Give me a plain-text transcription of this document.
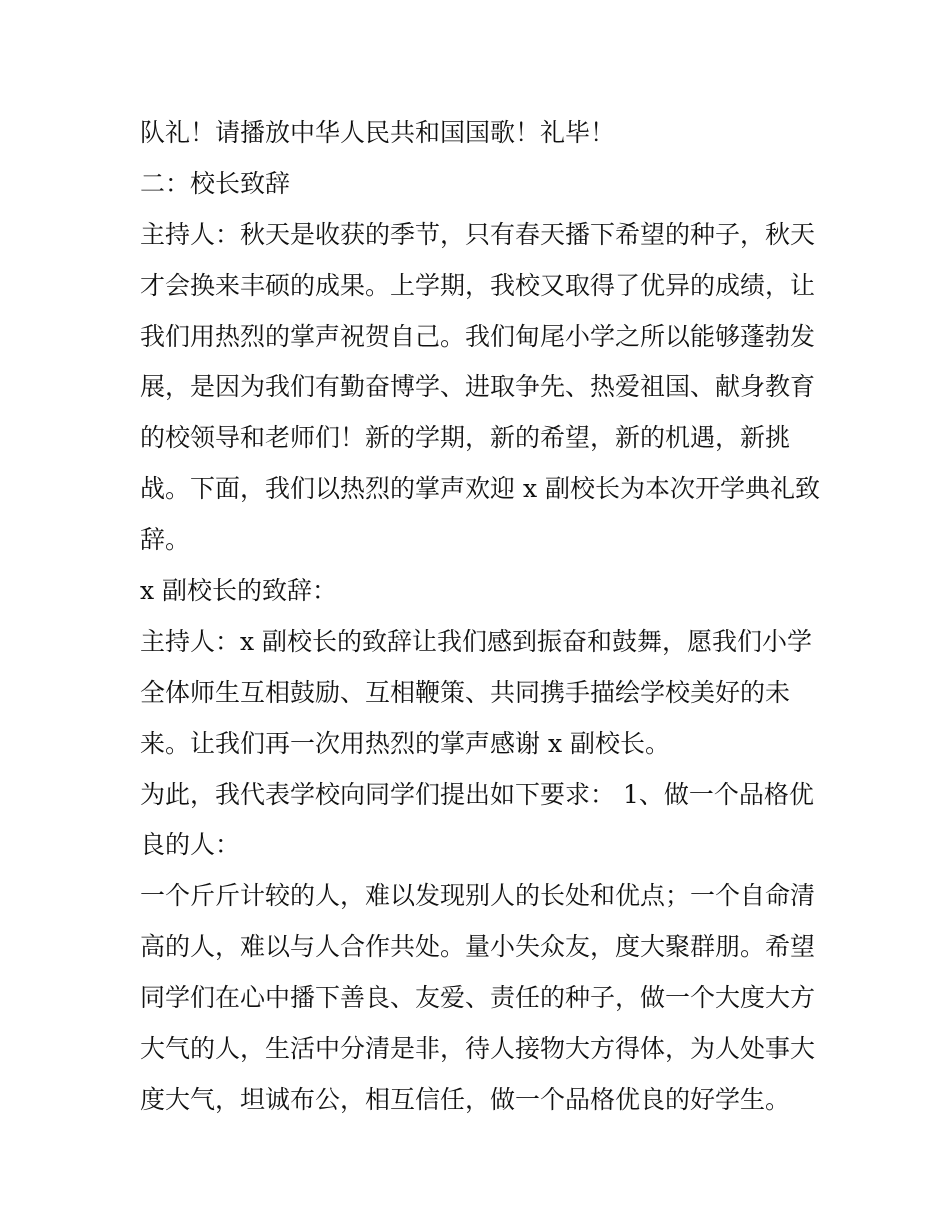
队礼！请播放中华人民共和国国歌！礼毕！
二：校长致辞
主持人：秋天是收获的季节，只有春天播下希望的种子，秋天
才会换来丰硕的成果。上学期，我校又取得了优异的成绩，让
我们用热烈的掌声祝贺自己。我们甸尾小学之所以能够蓬勃发
展，是因为我们有勤奋博学、进取争先、热爱祖国、献身教育
的校领导和老师们！新的学期，新的希望，新的机遇，新挑
战。下面，我们以热烈的掌声欢迎 x 副校长为本次开学典礼致
辞。
x 副校长的致辞：
主持人：x 副校长的致辞让我们感到振奋和鼓舞，愿我们小学
全体师生互相鼓励、互相鞭策、共同携手描绘学校美好的未
来。让我们再一次用热烈的掌声感谢 x 副校长。
为此，我代表学校向同学们提出如下要求： 1、做一个品格优
良的人：
一个斤斤计较的人，难以发现别人的长处和优点；一个自命清
高的人，难以与人合作共处。量小失众友，度大聚群朋。希望
同学们在心中播下善良、友爱、责任的种子，做一个大度大方
大气的人，生活中分清是非，待人接物大方得体，为人处事大
度大气，坦诚布公，相互信任，做一个品格优良的好学生。
